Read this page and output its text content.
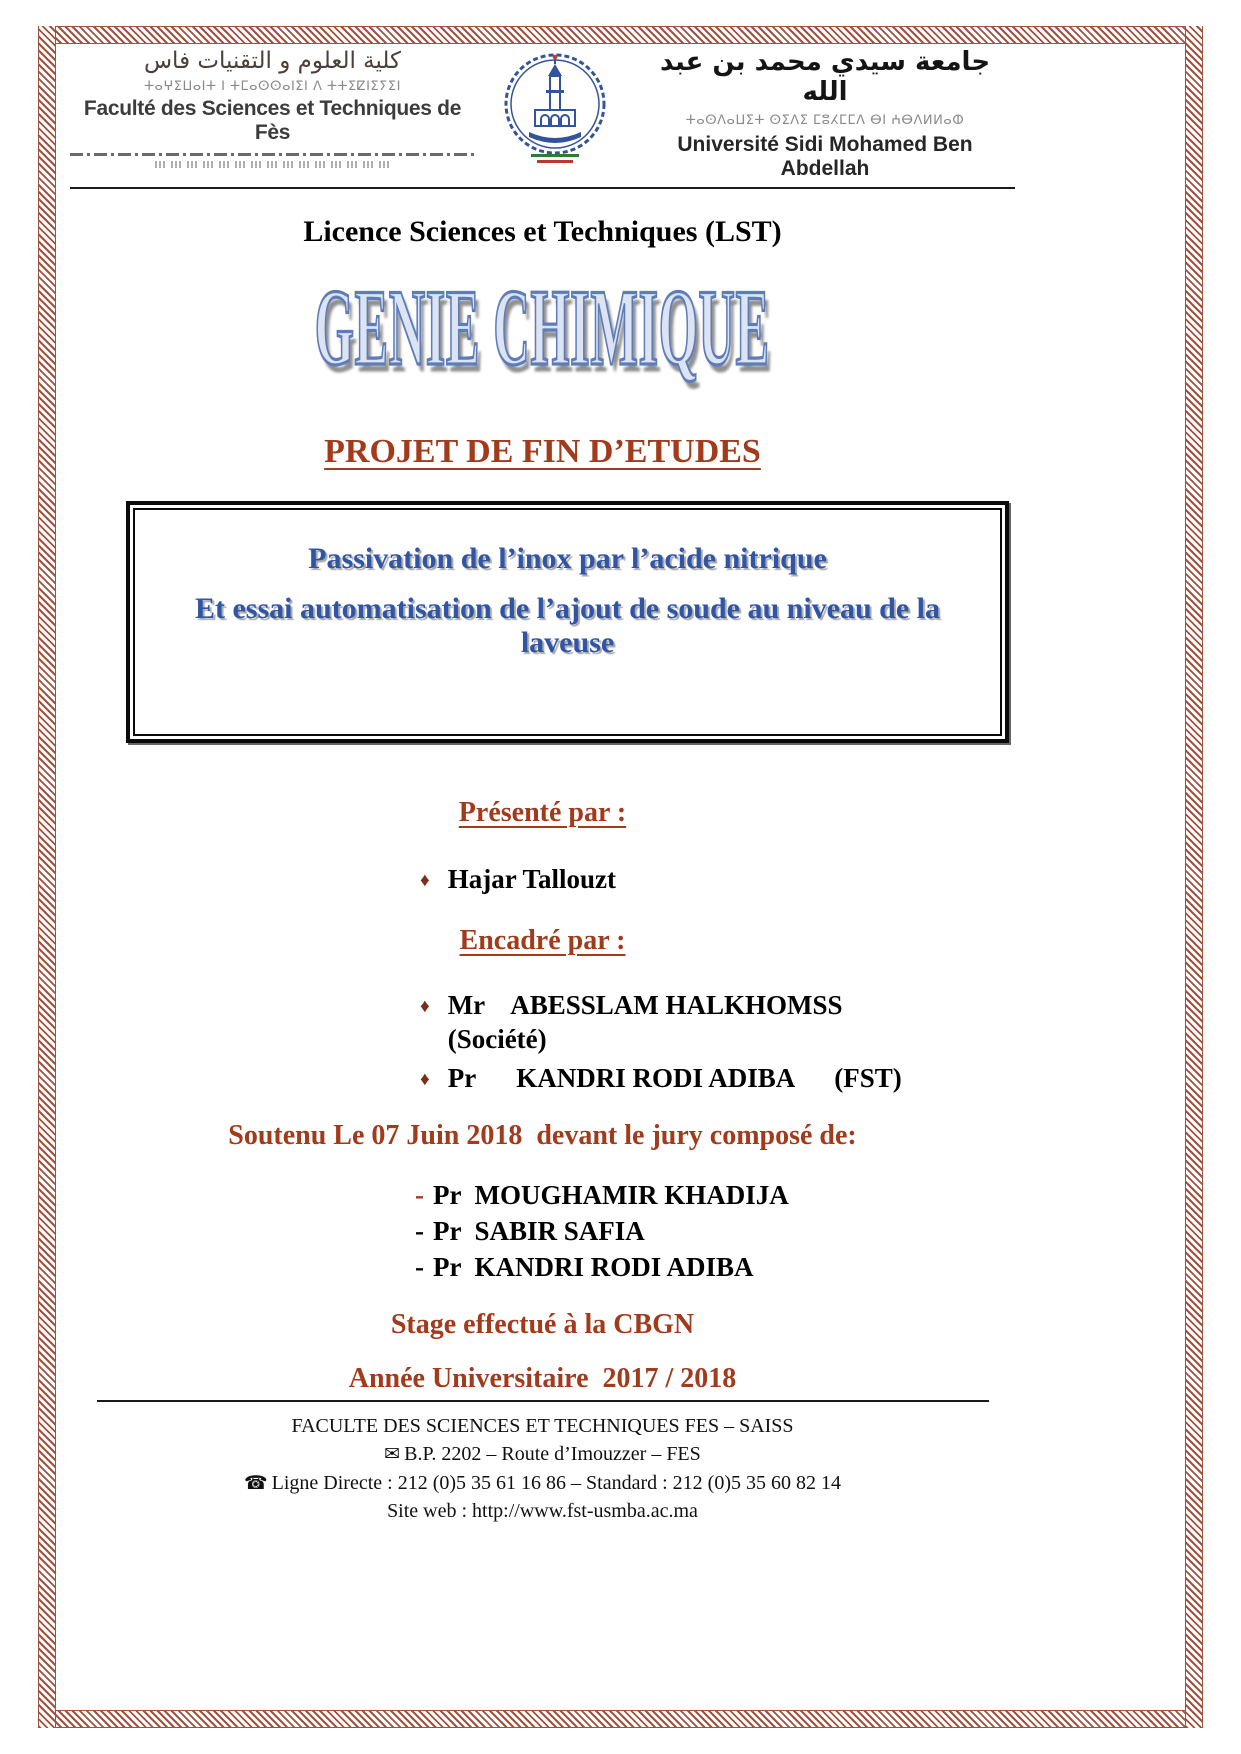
كلية العلوم و التقنيات فاس
ⵜⴰⵖⵉⵡⴰⵏⵜ ⵏ ⵜⵎⴰⵙⵙⴰⵏⵉⵏ ⴷ ⵜⵜⵉⵇⵏⵉⵢⵉⵏ
Faculté des Sciences et Techniques de Fès
جامعة سيدي محمد بن عبد الله
ⵜⴰⵙⴷⴰⵡⵉⵜ ⵙⵉⴷⵉ ⵎⵓⵃⵎⵎⴷ ⴱⵏ ⵄⴱⴷⵍⵍⴰⵀ
Université Sidi Mohamed Ben Abdellah
Licence Sciences et Techniques (LST)
GENIE CHIMIQUE
PROJET DE FIN D’ETUDES
Passivation de l’inox par l’acide nitrique
Et essai automatisation de l’ajout de soude au niveau de la laveuse
Présenté par :
♦ Hajar Tallouzt
Encadré par :
♦ Mr    ABESSLAM HALKHOMSS
(Société)
♦ Pr      KANDRI RODI ADIBA      (FST)
Soutenu Le 07 Juin 2018  devant le jury composé de:
- Pr  MOUGHAMIR KHADIJA
- Pr  SABIR SAFIA
- Pr  KANDRI RODI ADIBA
Stage effectué à la CBGN
Année Universitaire  2017 / 2018
FACULTE DES SCIENCES ET TECHNIQUES FES – SAISS
✉ B.P. 2202 – Route d’Imouzzer – FES
☎ Ligne Directe : 212 (0)5 35 61 16 86 – Standard : 212 (0)5 35 60 82 14
Site web : http://www.fst-usmba.ac.ma
